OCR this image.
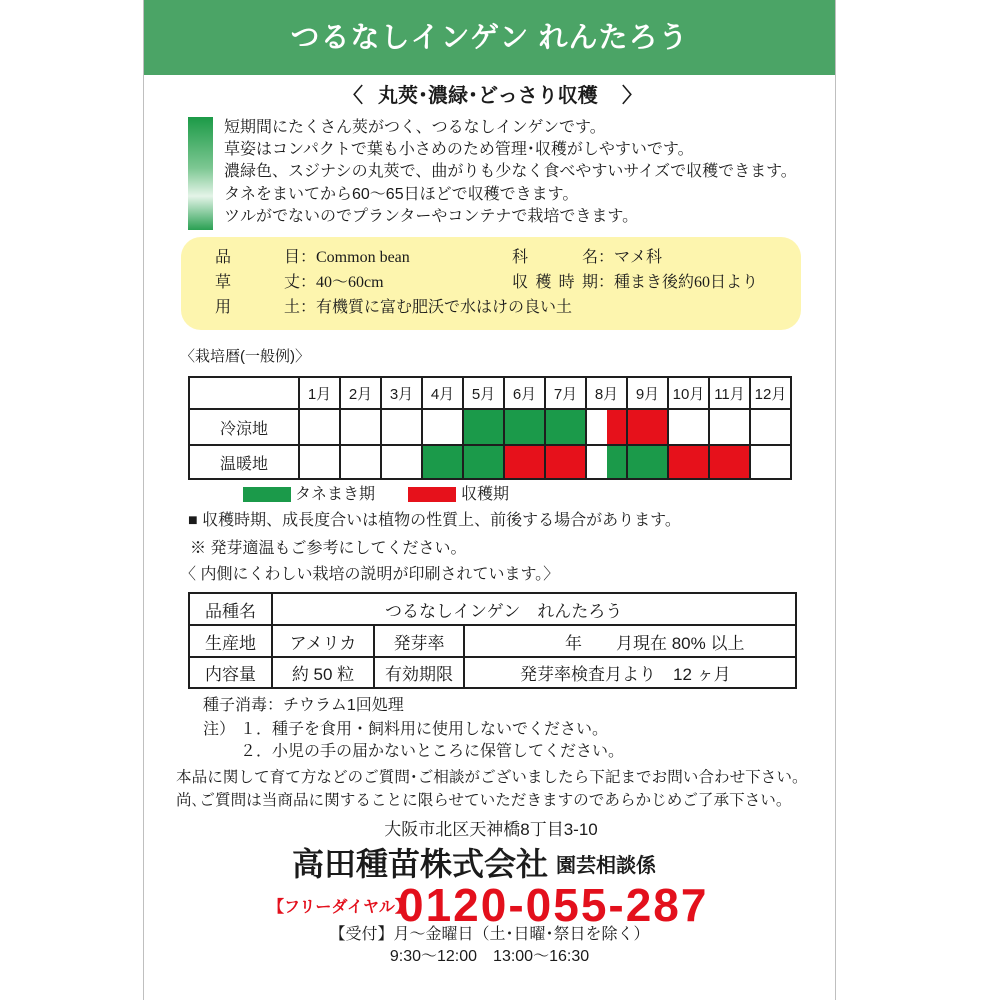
つるなしインゲン れんたろう
〈 丸莢･濃緑･どっさり収穫 〉
短期間にたくさん莢がつく、つるなしインゲンです。
草姿はコンパクトで葉も小さめのため管理･収穫がしやすいです。
濃緑色、スジナシの丸莢で、曲がりも少なく食べやすいサイズで収穫できます。
タネをまいてから60～65日ほどで収穫できます。
ツルがでないのでプランターやコンテナで栽培できます。
品	目 ：Common bean	科	名 ：マメ科
草	丈 ：40～60cm	収 穫 時 期 ：種まき後約60日より
用	土 ：有機質に富む肥沃で水はけの良い土
〈栽培暦(一般例)〉
1月	2月	3月	4月	5月	6月	7月	8月	9月 10月 11月 12月
冷涼地
温暖地
タネまき期	収穫期
■ 収穫時期、成長度合いは植物の性質上、前後する場合があります。
※ 発芽適温もご参考にしてください。
〈 内側にくわしい栽培の説明が印刷されています。〉
品種名	つるなしインゲン　れんたろう
生産地	アメリカ	発芽率	年　　月現在 80% 以上
内容量	約 50 粒	有効期限	発芽率検査月より　12 ヶ月
種子消毒：チウラム1回処理
注） １．種子を食用・飼料用に使用しないでください。
２．小児の手の届かないところに保管してください。
本品に関して育て方などのご質問･ご相談がございましたら下記までお問い合わせ下さい。
尚､ご質問は当商品に関することに限らせていただきますのであらかじめご了承下さい。
大阪市北区天神橋8丁目3-10
高田種苗株式会社 園芸相談係
【フリーダイヤル】
0120-055-287
【受付】月～金曜日（土･日曜･祭日を除く）
9:30～12:00　13:00～16:30
